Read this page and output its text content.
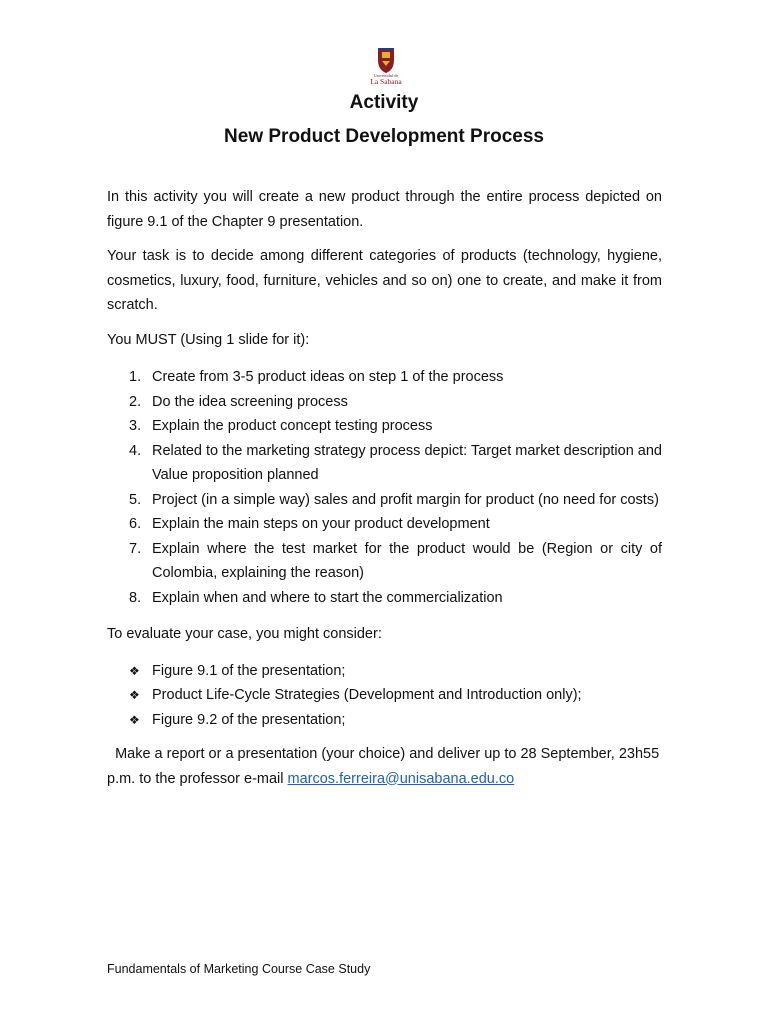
Universidad de
La Sabana
Activity
New Product Development Process

In this activity you will create a new product through the entire process depicted on figure 9.1 of the Chapter 9 presentation.

Your task is to decide among different categories of products (technology, hygiene, cosmetics, luxury, food, furniture, vehicles and so on) one to create, and make it from scratch.

You MUST (Using 1 slide for it):

1. Create from 3-5 product ideas on step 1 of the process
2. Do the idea screening process
3. Explain the product concept testing process
4. Related to the marketing strategy process depict: Target market description and Value proposition planned
5. Project (in a simple way) sales and profit margin for product (no need for costs)
6. Explain the main steps on your product development
7. Explain where the test market for the product would be (Region or city of Colombia, explaining the reason)
8. Explain when and where to start the commercialization

To evaluate your case, you might consider:

❖ Figure 9.1 of the presentation;
❖ Product Life-Cycle Strategies (Development and Introduction only);
❖ Figure 9.2 of the presentation;

Make a report or a presentation (your choice) and deliver up to 28 September, 23h55 p.m. to the professor e-mail marcos.ferreira@unisabana.edu.co

Fundamentals of Marketing Course Case Study
